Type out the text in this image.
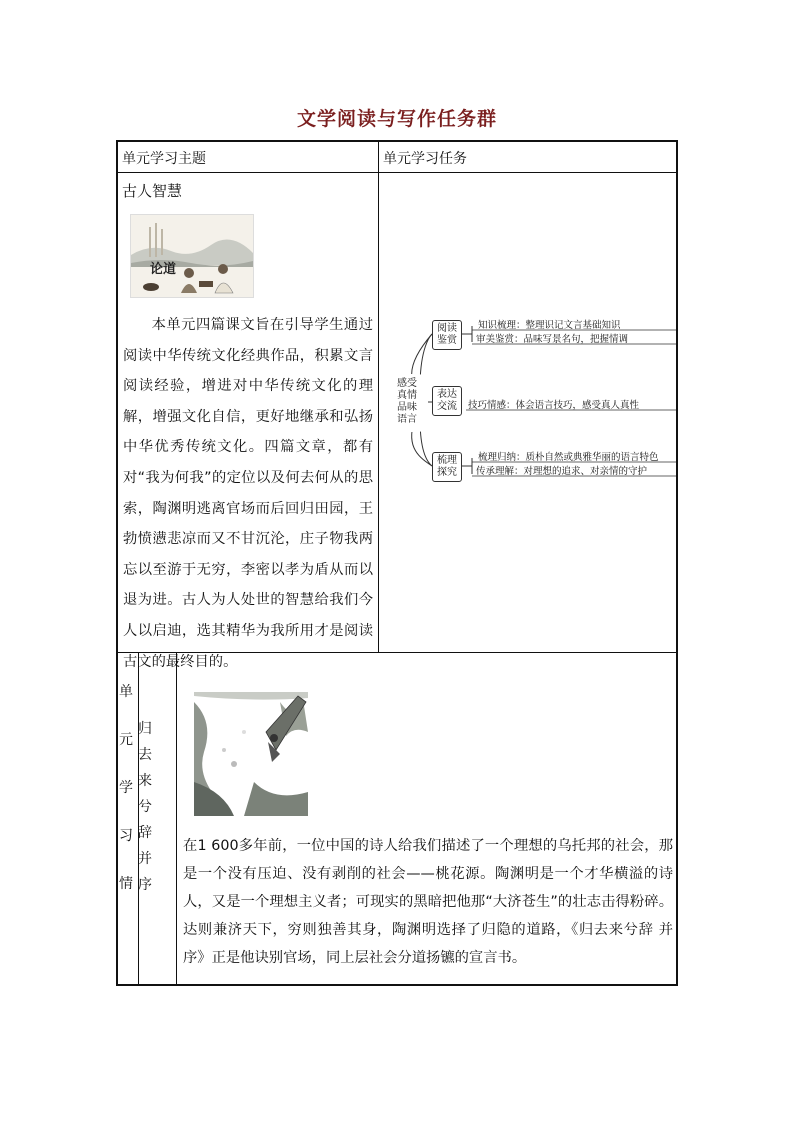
文学阅读与写作任务群
单元学习主题	单元学习任务
古人智慧
论道
本单元四篇课文旨在引导学生通过阅读中华传统文化经典作品，积累文言阅读经验，增进对中华传统文化的理解，增强文化自信，更好地继承和弘扬中华优秀传统文化。四篇文章，都有对“我为何我”的定位以及何去何从的思索，陶渊明逃离官场而后回归田园，王勃愤懑悲凉而又不甘沉沦，庄子物我两忘以至游于无穷，李密以孝为盾从而以退为进。古人为人处世的智慧给我们今人以启迪，选其精华为我所用才是阅读古文的最终目的。
感受真情品味语言
阅读鉴赏
表达交流
梳理探究
知识梳理：整理识记文言基础知识
审美鉴赏：品味写景名句，把握情调
技巧情感：体会语言技巧，感受真人真性
梳理归纳：质朴自然或典雅华丽的语言特色
传承理解：对理想的追求、对亲情的守护
单元学习情
归去来兮辞并序
在1 600多年前，一位中国的诗人给我们描述了一个理想的乌托邦的社会，那是一个没有压迫、没有剥削的社会——桃花源。陶渊明是一个才华横溢的诗人，又是一个理想主义者；可现实的黑暗把他那“大济苍生”的壮志击得粉碎。达则兼济天下，穷则独善其身，陶渊明选择了归隐的道路，《归去来兮辞 并序》正是他诀别官场，同上层社会分道扬镳的宣言书。
